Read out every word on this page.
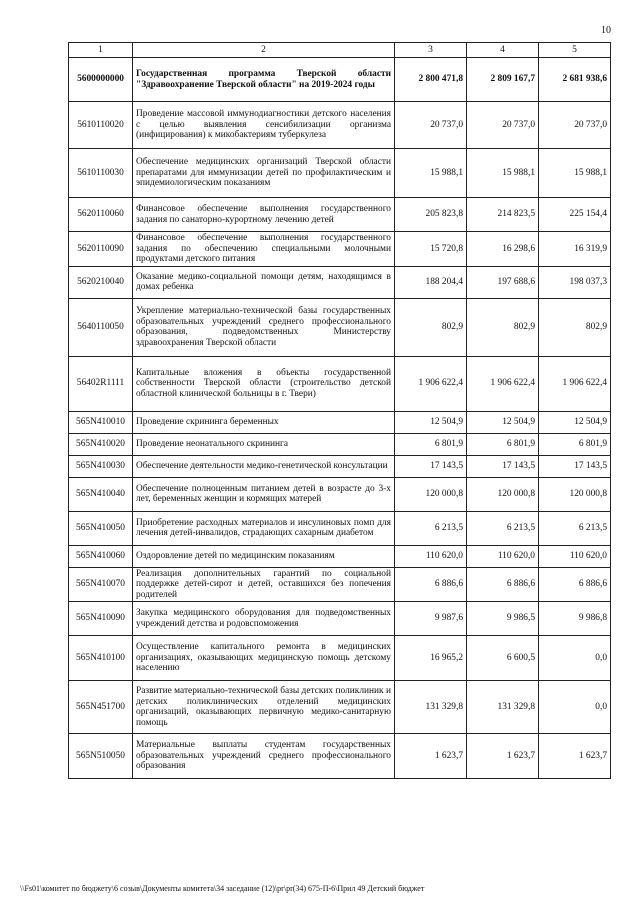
10
1	2	3	4	5
5600000000	Государственная программа Тверской области "Здравоохранение Тверской области" на 2019-2024 годы	2 800 471,8	2 809 167,7	2 681 938,6
5610110020	Проведение массовой иммунодиагностики детского населения с целью выявления сенсибилизации организма (инфицирования) к микобактериям туберкулеза	20 737,0	20 737,0	20 737,0
5610110030	Обеспечение медицинских организаций Тверской области препаратами для иммунизации детей по профилактическим и эпидемиологическим показаниям	15 988,1	15 988,1	15 988,1
5620110060	Финансовое обеспечение выполнения государственного задания по санаторно-курортному лечению детей	205 823,8	214 823,5	225 154,4
5620110090	Финансовое обеспечение выполнения государственного задания по обеспечению специальными молочными продуктами детского питания	15 720,8	16 298,6	16 319,9
5620210040	Оказание медико-социальной помощи детям, находящимся в домах ребенка	188 204,4	197 688,6	198 037,3
5640110050	Укрепление материально-технической базы государственных образовательных учреждений среднего профессионального образования, подведомственных Министерству здравоохранения Тверской области	802,9	802,9	802,9
56402R1111	Капитальные вложения в объекты государственной собственности Тверской области (строительство детской областной клинической больницы в г. Твери)	1 906 622,4	1 906 622,4	1 906 622,4
565N410010	Проведение скрининга беременных	12 504,9	12 504,9	12 504,9
565N410020	Проведение неонатального скрининга	6 801,9	6 801,9	6 801,9
565N410030	Обеспечение деятельности медико-генетической консультации	17 143,5	17 143,5	17 143,5
565N410040	Обеспечение полноценным питанием детей в возрасте до 3-х лет, беременных женщин и кормящих матерей	120 000,8	120 000,8	120 000,8
565N410050	Приобретение расходных материалов и инсулиновых помп для лечения детей-инвалидов, страдающих сахарным диабетом	6 213,5	6 213,5	6 213,5
565N410060	Оздоровление детей по медицинским показаниям	110 620,0	110 620,0	110 620,0
565N410070	Реализация дополнительных гарантий по социальной поддержке детей-сирот и детей, оставшихся без попечения родителей	6 886,6	6 886,6	6 886,6
565N410090	Закупка медицинского оборудования для подведомственных учреждений детства и родовспоможения	9 987,6	9 986,5	9 986,8
565N410100	Осуществление капитального ремонта в медицинских организациях, оказывающих медицинскую помощь детскому населению	16 965,2	6 600,5	0,0
565N451700	Развитие материально-технической базы детских поликлиник и детских поликлинических отделений медицинских организаций, оказывающих первичную медико-санитарную помощь	131 329,8	131 329,8	0,0
565N510050	Материальные выплаты студентам государственных образовательных учреждений среднего профессионального образования	1 623,7	1 623,7	1 623,7
\\Fs01\комитет по бюджету\6 созыв\Документы комитета\34 заседание (12)\pr\pr(34) 675-П-6\Прил 49 Детский бюджет
